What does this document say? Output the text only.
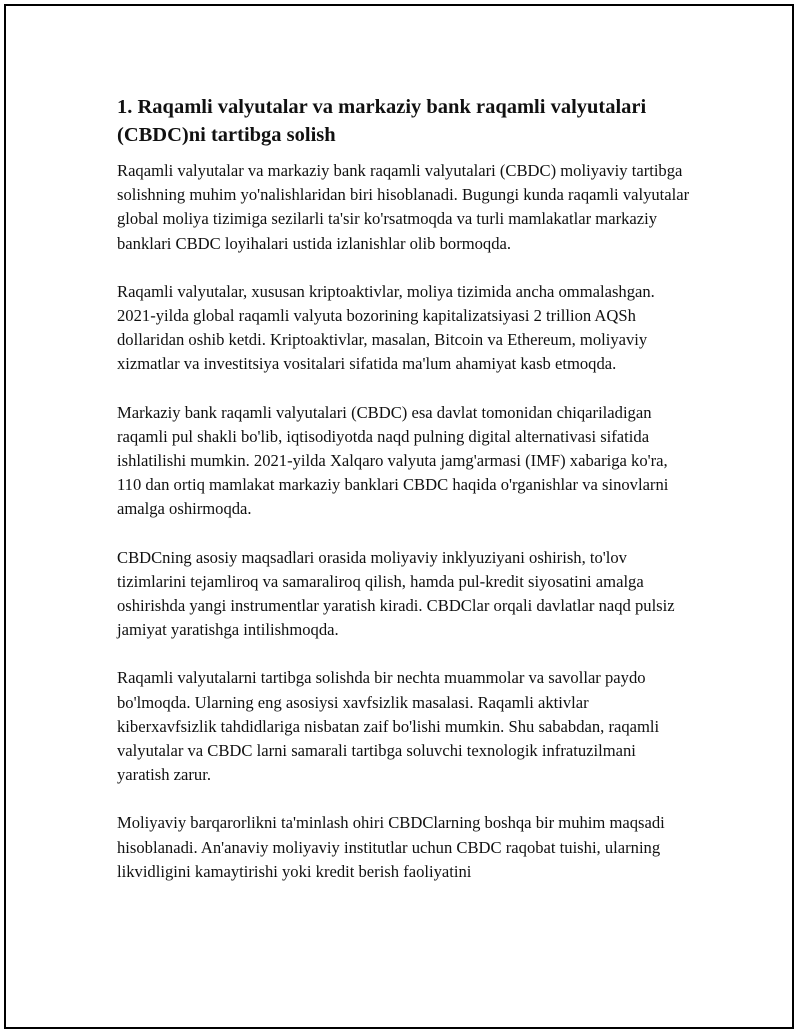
1. Raqamli valyutalar va markaziy bank raqamli valyutalari (CBDC)ni tartibga solish

Raqamli valyutalar va markaziy bank raqamli valyutalari (CBDC) moliyaviy tartibga solishning muhim yo'nalishlaridan biri hisoblanadi. Bugungi kunda raqamli valyutalar global moliya tizimiga sezilarli ta'sir ko'rsatmoqda va turli mamlakatlar markaziy banklari CBDC loyihalari ustida izlanishlar olib bormoqda.

Raqamli valyutalar, xususan kriptoaktivlar, moliya tizimida ancha ommalashgan. 2021-yilda global raqamli valyuta bozorining kapitalizatsiyasi 2 trillion AQSh dollaridan oshib ketdi. Kriptoaktivlar, masalan, Bitcoin va Ethereum, moliyaviy xizmatlar va investitsiya vositalari sifatida ma'lum ahamiyat kasb etmoqda.

Markaziy bank raqamli valyutalari (CBDC) esa davlat tomonidan chiqariladigan raqamli pul shakli bo'lib, iqtisodiyotda naqd pulning digital alternativasi sifatida ishlatilishi mumkin. 2021-yilda Xalqaro valyuta jamg'armasi (IMF) xabariga ko'ra, 110 dan ortiq mamlakat markaziy banklari CBDC haqida o'rganishlar va sinovlarni amalga oshirmoqda.

CBDCning asosiy maqsadlari orasida moliyaviy inklyuziyani oshirish, to'lov tizimlarini tejamliroq va samaraliroq qilish, hamda pul-kredit siyosatini amalga oshirishda yangi instrumentlar yaratish kiradi. CBDClar orqali davlatlar naqd pulsiz jamiyat yaratishga intilishmoqda.

Raqamli valyutalarni tartibga solishda bir nechta muammolar va savollar paydo bo'lmoqda. Ularning eng asosiysi xavfsizlik masalasi. Raqamli aktivlar kiberxavfsizlik tahdidlariga nisbatan zaif bo'lishi mumkin. Shu sababdan, raqamli valyutalar va CBDC larni samarali tartibga soluvchi texnologik infratuzilmani yaratish zarur.

Moliyaviy barqarorlikni ta'minlash ohiri CBDClarning boshqa bir muhim maqsadi hisoblanadi. An'anaviy moliyaviy institutlar uchun CBDC raqobat tuishi, ularning likvidligini kamaytirishi yoki kredit berish faoliyatini
